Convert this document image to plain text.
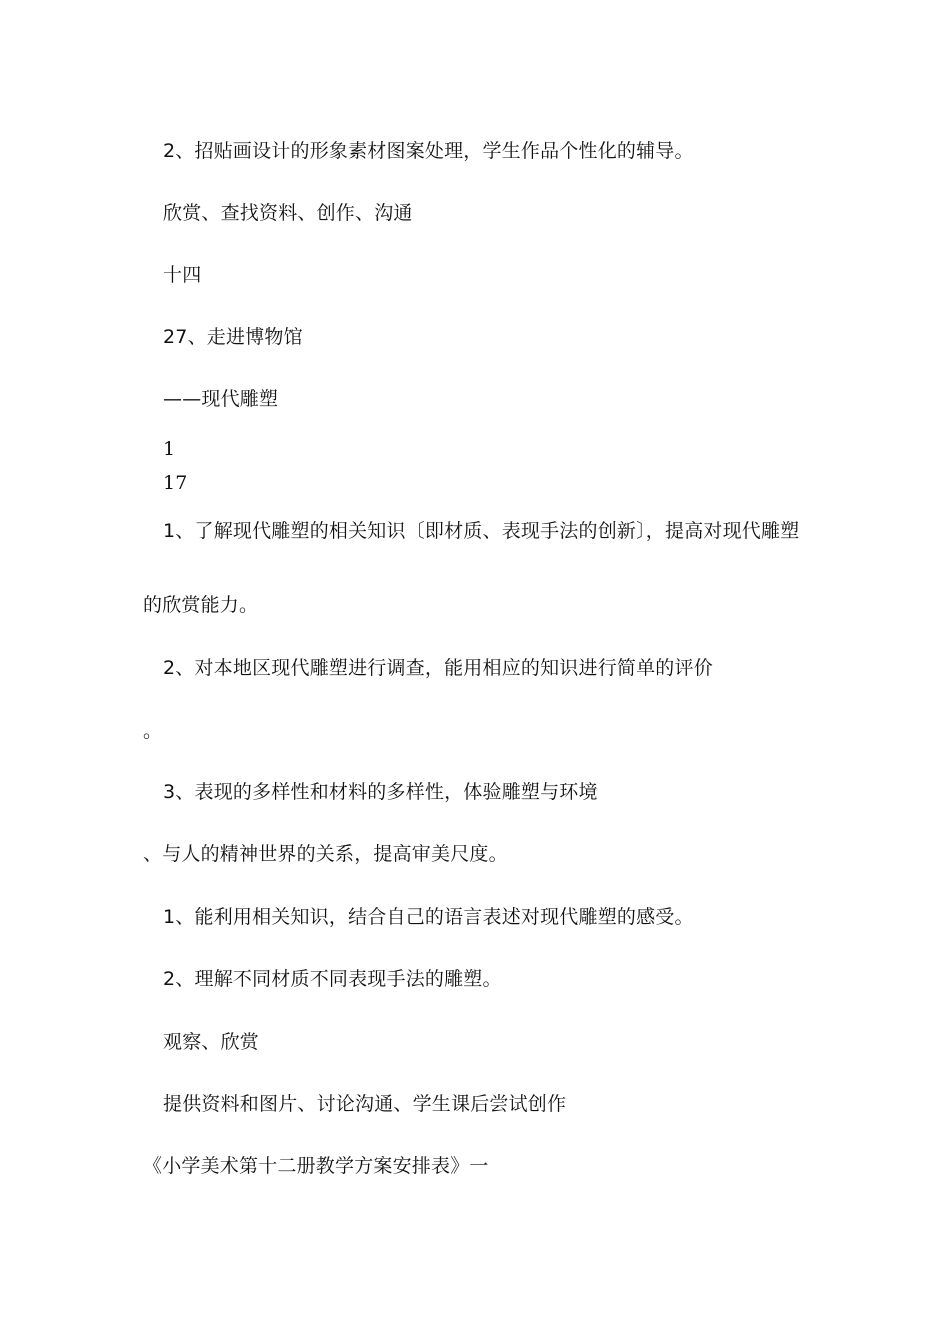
2、招贴画设计的形象素材图案处理，学生作品个性化的辅导。
欣赏、查找资料、创作、沟通
十四
27、走进博物馆
——现代雕塑
1
17
1、了解现代雕塑的相关知识〔即材质、表现手法的创新〕，提高对现代雕塑
的欣赏能力。
2、对本地区现代雕塑进行调查，能用相应的知识进行简单的评价
。
3、表现的多样性和材料的多样性，体验雕塑与环境
、与人的精神世界的关系，提高审美尺度。
1、能利用相关知识，结合自己的语言表述对现代雕塑的感受。
2、理解不同材质不同表现手法的雕塑。
观察、欣赏
提供资料和图片、讨论沟通、学生课后尝试创作
《小学美术第十二册教学方案安排表》一
